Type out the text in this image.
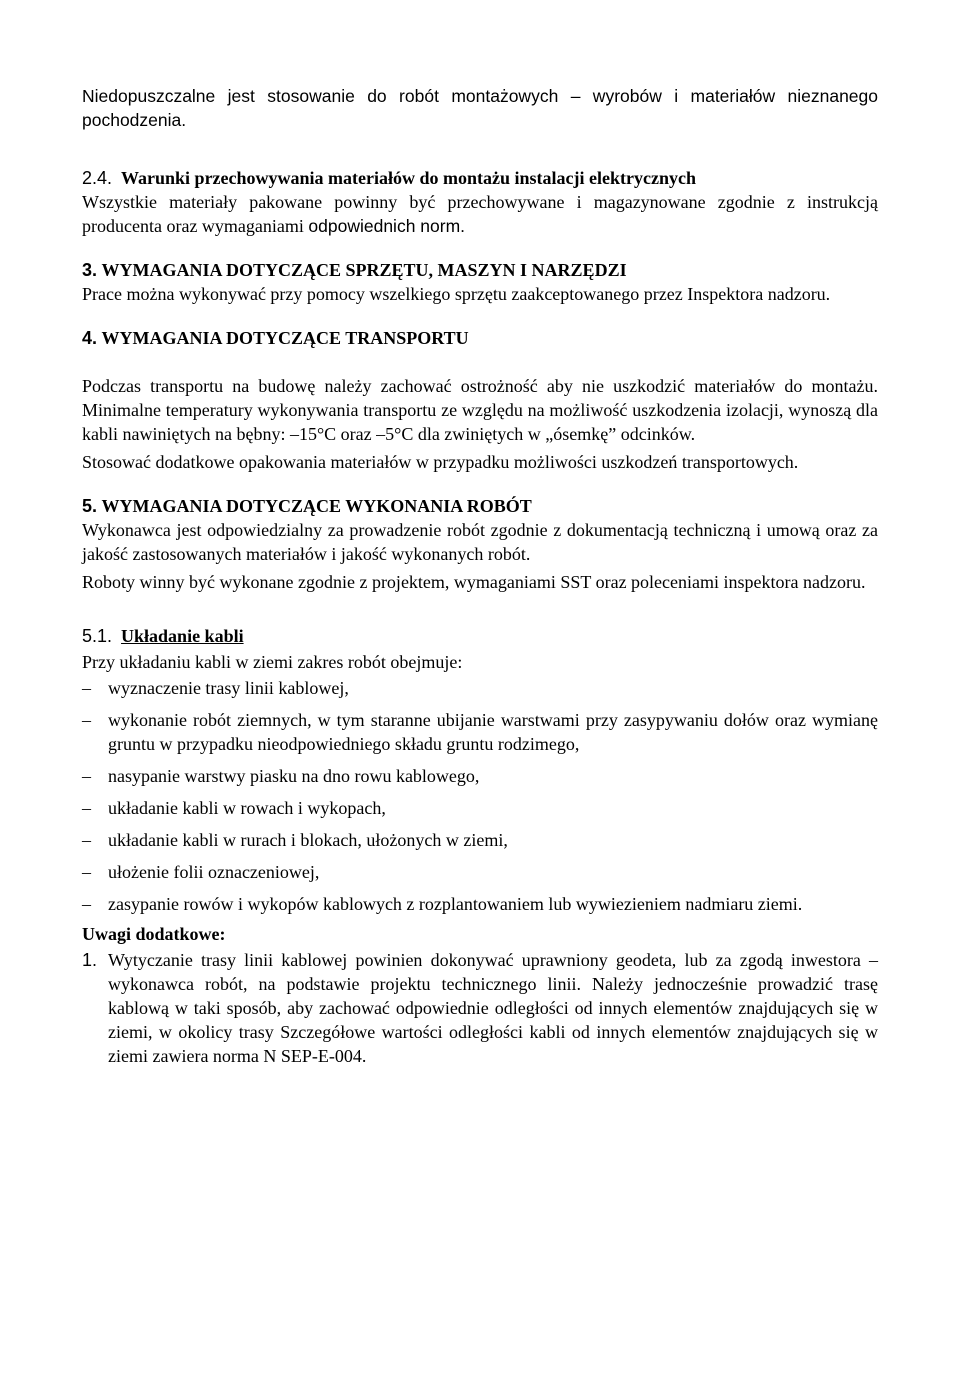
Niedopuszczalne jest stosowanie do robót montażowych – wyrobów i materiałów nieznanego pochodzenia.

2.4. Warunki przechowywania materiałów do montażu instalacji elektrycznych

Wszystkie materiały pakowane powinny być przechowywane i magazynowane zgodnie z instrukcją producenta oraz wymaganiami odpowiednich norm.

3. WYMAGANIA DOTYCZĄCE SPRZĘTU, MASZYN I NARZĘDZI

Prace można wykonywać przy pomocy wszelkiego sprzętu zaakceptowanego przez Inspektora nadzoru.

4. WYMAGANIA DOTYCZĄCE TRANSPORTU

Podczas transportu na budowę należy zachować ostrożność aby nie uszkodzić materiałów do montażu. Minimalne temperatury wykonywania transportu ze względu na możliwość uszkodzenia izolacji, wynoszą dla kabli nawiniętych na bębny: –15°C oraz –5°C dla zwiniętych w „ósemkę” odcinków.

Stosować dodatkowe opakowania materiałów w przypadku możliwości uszkodzeń transportowych.

5. WYMAGANIA DOTYCZĄCE WYKONANIA ROBÓT

Wykonawca jest odpowiedzialny za prowadzenie robót zgodnie z dokumentacją techniczną i umową oraz za jakość zastosowanych materiałów i jakość wykonanych robót.

Roboty winny być wykonane zgodnie z projektem, wymaganiami SST oraz poleceniami inspektora nadzoru.

5.1. Układanie kabli

Przy układaniu kabli w ziemi zakres robót obejmuje:

– wyznaczenie trasy linii kablowej,
– wykonanie robót ziemnych, w tym staranne ubijanie warstwami przy zasypywaniu dołów oraz wymianę gruntu w przypadku nieodpowiedniego składu gruntu rodzimego,
– nasypanie warstwy piasku na dno rowu kablowego,
– układanie kabli w rowach i wykopach,
– układanie kabli w rurach i blokach, ułożonych w ziemi,
– ułożenie folii oznaczeniowej,
– zasypanie rowów i wykopów kablowych z rozplantowaniem lub wywiezieniem nadmiaru ziemi.
Uwagi dodatkowe:
1. Wytyczanie trasy linii kablowej powinien dokonywać uprawniony geodeta, lub za zgodą inwestora – wykonawca robót, na podstawie projektu technicznego linii. Należy jednocześnie prowadzić trasę kablową w taki sposób, aby zachować odpowiednie odległości od innych elementów znajdujących się w ziemi, w okolicy trasy Szczegółowe wartości odległości kabli od innych elementów znajdujących się w ziemi zawiera norma N SEP-E-004.
